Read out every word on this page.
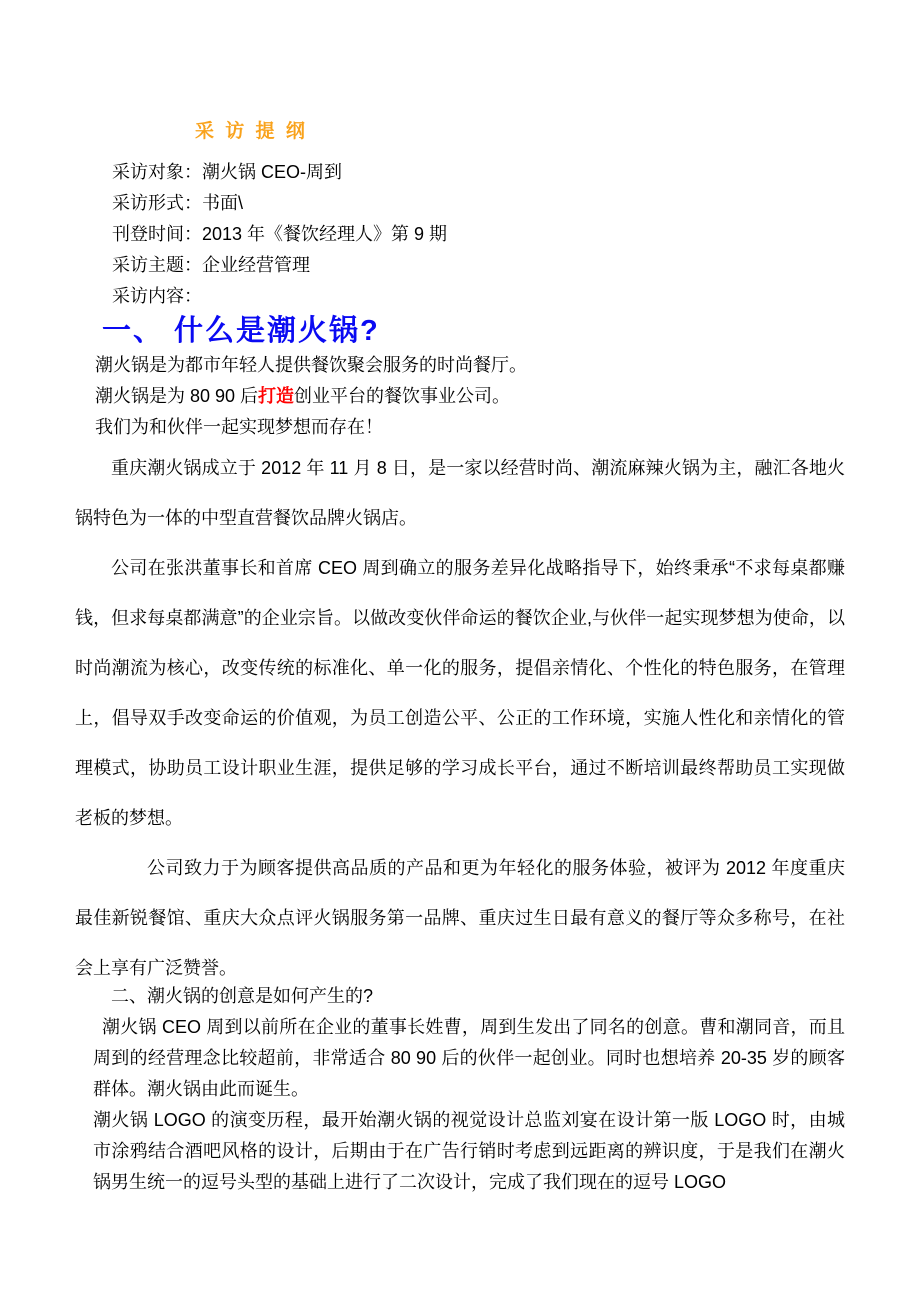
采 访 提 纲

采访对象：潮火锅 CEO-周到

采访形式：书面\

刊登时间：2013 年《餐饮经理人》第 9 期

采访主题：企业经营管理

采访内容：

一、 什么是潮火锅?

潮火锅是为都市年轻人提供餐饮聚会服务的时尚餐厅。

潮火锅是为 80 90 后打造创业平台的餐饮事业公司。

我们为和伙伴一起实现梦想而存在！

重庆潮火锅成立于 2012 年 11 月 8 日，是一家以经营时尚、潮流麻辣火锅为主，融汇各地火锅特色为一体的中型直营餐饮品牌火锅店。

公司在张洪董事长和首席 CEO 周到确立的服务差异化战略指导下，始终秉承“不求每桌都赚钱，但求每桌都满意”的企业宗旨。以做改变伙伴命运的餐饮企业,与伙伴一起实现梦想为使命，以时尚潮流为核心，改变传统的标准化、单一化的服务，提倡亲情化、个性化的特色服务，在管理上，倡导双手改变命运的价值观，为员工创造公平、公正的工作环境，实施人性化和亲情化的管理模式，协助员工设计职业生涯，提供足够的学习成长平台，通过不断培训最终帮助员工实现做老板的梦想。

公司致力于为顾客提供高品质的产品和更为年轻化的服务体验，被评为 2012 年度重庆最佳新锐餐馆、重庆大众点评火锅服务第一品牌、重庆过生日最有意义的餐厅等众多称号，在社会上享有广泛赞誉。

二、潮火锅的创意是如何产生的?

潮火锅 CEO 周到以前所在企业的董事长姓曹，周到生发出了同名的创意。曹和潮同音，而且周到的经营理念比较超前，非常适合 80 90 后的伙伴一起创业。同时也想培养 20-35 岁的顾客群体。潮火锅由此而诞生。

潮火锅 LOGO 的演变历程，最开始潮火锅的视觉设计总监刘宴在设计第一版 LOGO 时，由城市涂鸦结合酒吧风格的设计，后期由于在广告行销时考虑到远距离的辨识度，于是我们在潮火锅男生统一的逗号头型的基础上进行了二次设计，完成了我们现在的逗号 LOGO
